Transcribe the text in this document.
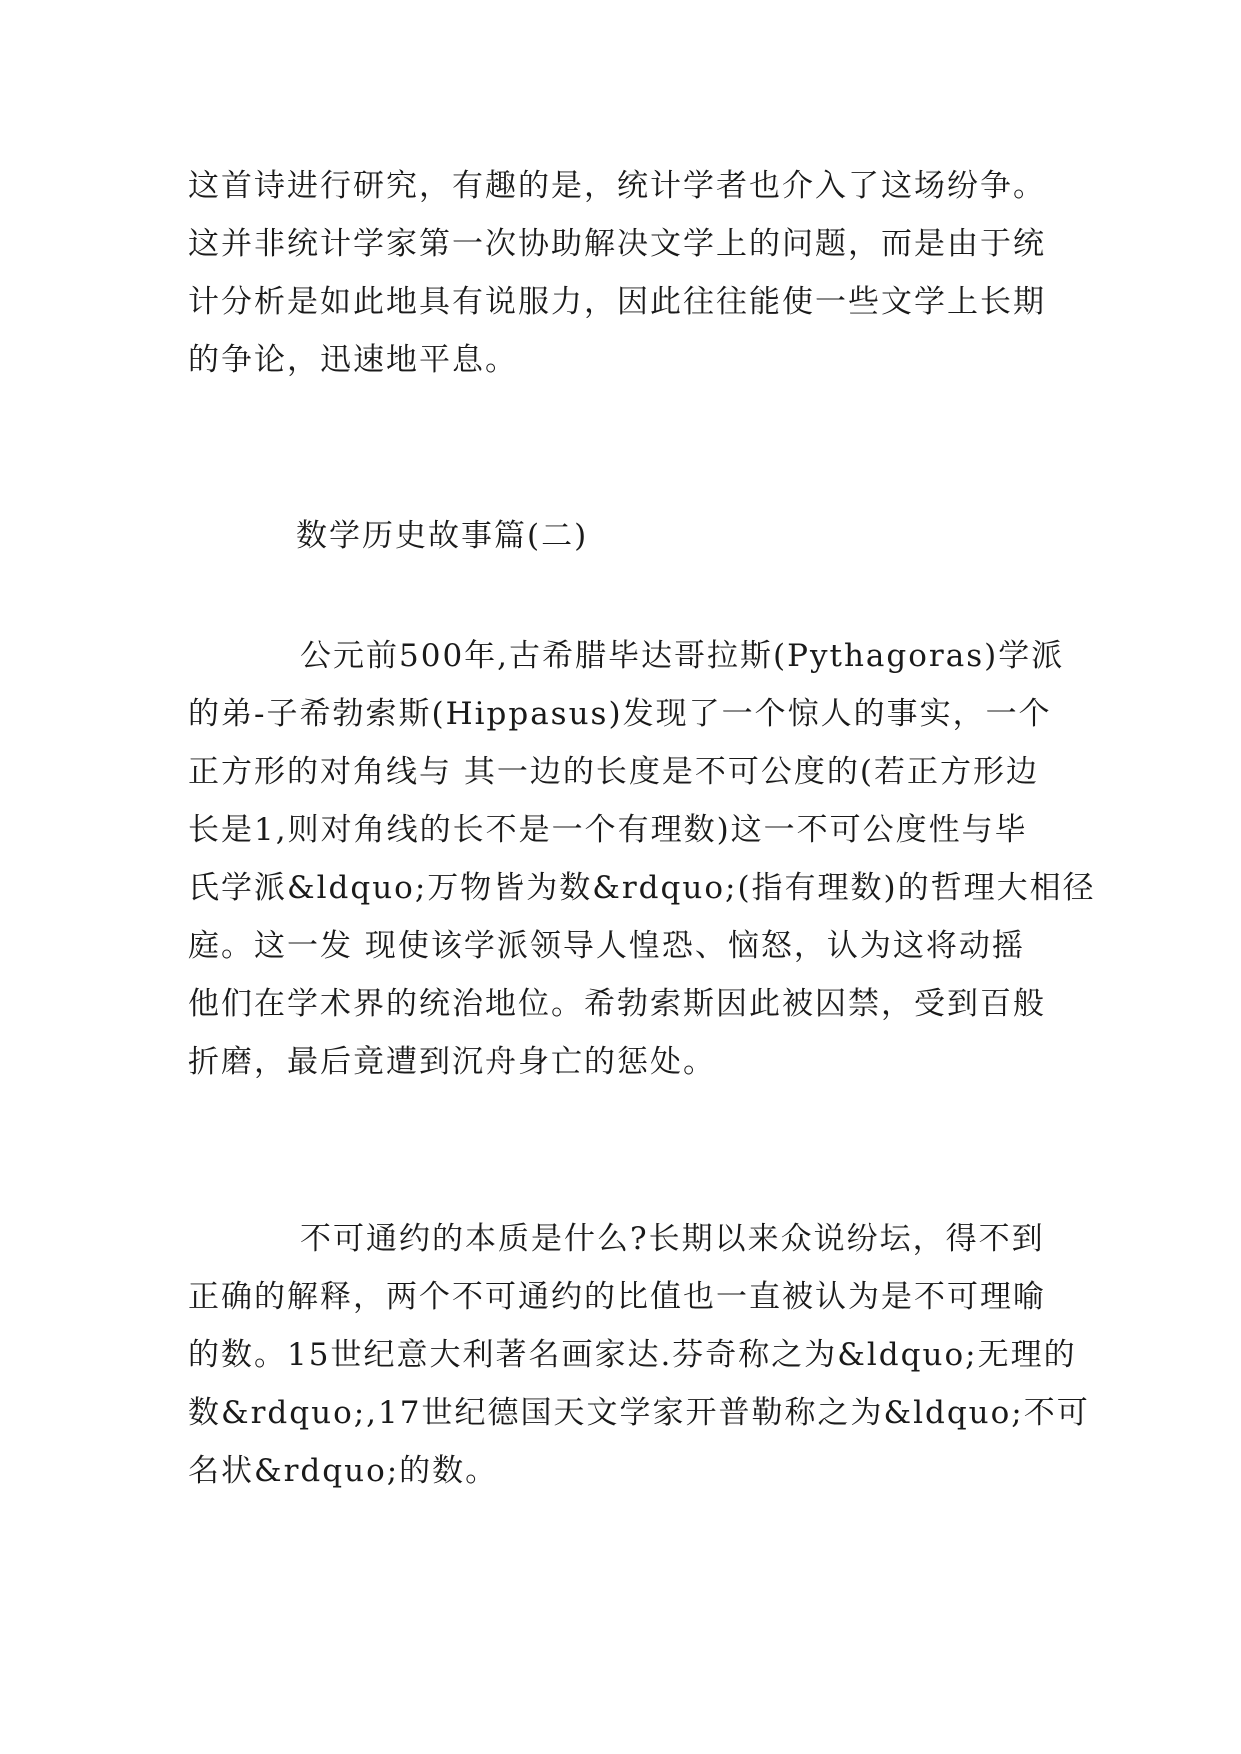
这首诗进行研究，有趣的是，统计学者也介入了这场纷争。
这并非统计学家第一次协助解决文学上的问题，而是由于统
计分析是如此地具有说服力，因此往往能使一些文学上长期
的争论，迅速地平息。
数学历史故事篇(二)
公元前500年,古希腊毕达哥拉斯(Pythagoras)学派
的弟-子希勃索斯(Hippasus)发现了一个惊人的事实，一个
正方形的对角线与 其一边的长度是不可公度的(若正方形边
长是1,则对角线的长不是一个有理数)这一不可公度性与毕
氏学派&ldquo;万物皆为数&rdquo;(指有理数)的哲理大相径
庭。这一发 现使该学派领导人惶恐、恼怒，认为这将动摇
他们在学术界的统治地位。希勃索斯因此被囚禁，受到百般
折磨，最后竟遭到沉舟身亡的惩处。
不可通约的本质是什么?长期以来众说纷坛，得不到
正确的解释，两个不可通约的比值也一直被认为是不可理喻
的数。15世纪意大利著名画家达.芬奇称之为&ldquo;无理的
数&rdquo;,17世纪德国天文学家开普勒称之为&ldquo;不可
名状&rdquo;的数。
